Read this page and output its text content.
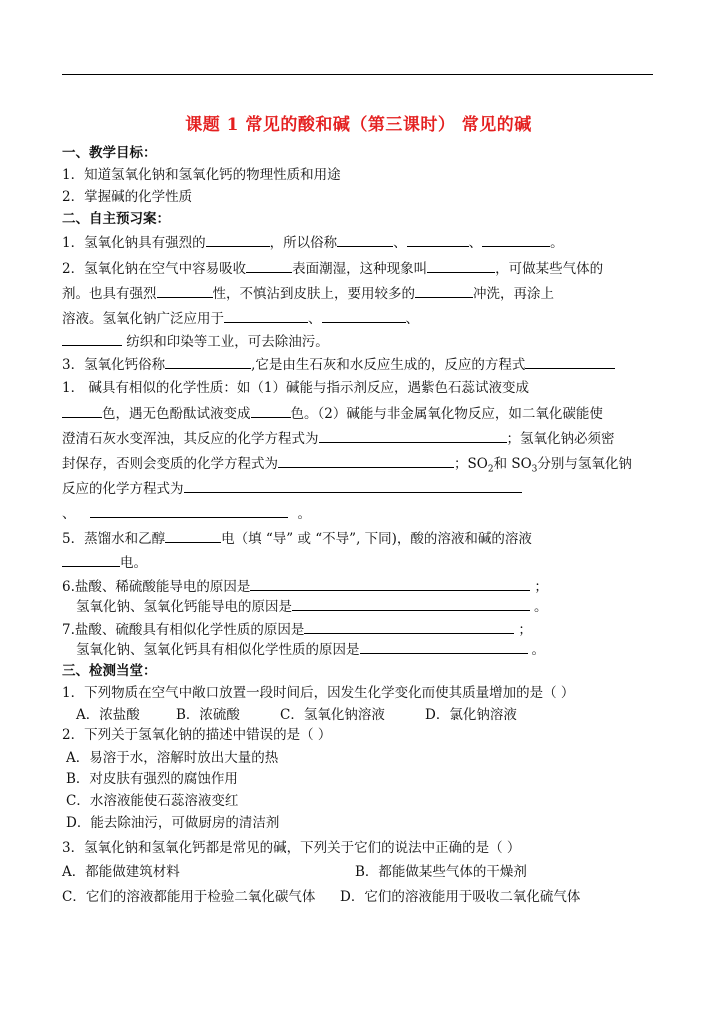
课题 1 常见的酸和碱（第三课时） 常见的碱
一、教学目标：
1．知道氢氧化钠和氢氧化钙的物理性质和用途
2．掌握碱的化学性质
二、自主预习案：
1．氢氧化钠具有强烈的	，所以俗称	、	、	。
2．氢氧化钠在空气中容易吸收	表面潮湿，这种现象叫	，可做某些气体的
剂。也具有强烈	性，不慎沾到皮肤上，要用较多的	冲洗，再涂上
溶液。氢氧化钠广泛应用于	、	、
纺织和印染等工业，可去除油污。
3．氢氧化钙俗称	,它是由生石灰和水反应生成的，反应的方程式
1． 碱具有相似的化学性质：如（1）碱能与指示剂反应，遇紫色石蕊试液变成
色，遇无色酚酞试液变成	色。（2）碱能与非金属氧化物反应，如二氧化碳能使
澄清石灰水变浑浊，其反应的化学方程式为	；氢氧化钠必须密
封保存，否则会变质的化学方程式为	；$SO_2$和 $SO_3$分别与氢氧化钠
反应的化学方程式为
、	。
5．蒸馏水和乙醇	电（填 “导” 或 “不导”, 下同)，酸的溶液和碱的溶液
电。
6.盐酸、稀硫酸能导电的原因是	；
氢氧化钠、氢氧化钙能导电的原因是	。
7.盐酸、硫酸具有相似化学性质的原因是	；
氢氧化钠、氢氧化钙具有相似化学性质的原因是	。
三、检测当堂：
1．下列物质在空气中敞口放置一段时间后，因发生化学变化而使其质量增加的是（ ）
A．浓盐酸	B．浓硫酸	C．氢氧化钠溶液	D．氯化钠溶液
2．下列关于氢氧化钠的描述中错误的是（ ）
A．易溶于水，溶解时放出大量的热
B．对皮肤有强烈的腐蚀作用
C．水溶液能使石蕊溶液变红
D．能去除油污，可做厨房的清洁剂
3．氢氧化钠和氢氧化钙都是常见的碱，下列关于它们的说法中正确的是（ ）
A．都能做建筑材料	B．都能做某些气体的干燥剂
C．它们的溶液都能用于检验二氧化碳气体 D．它们的溶液能用于吸收二氧化硫气体
